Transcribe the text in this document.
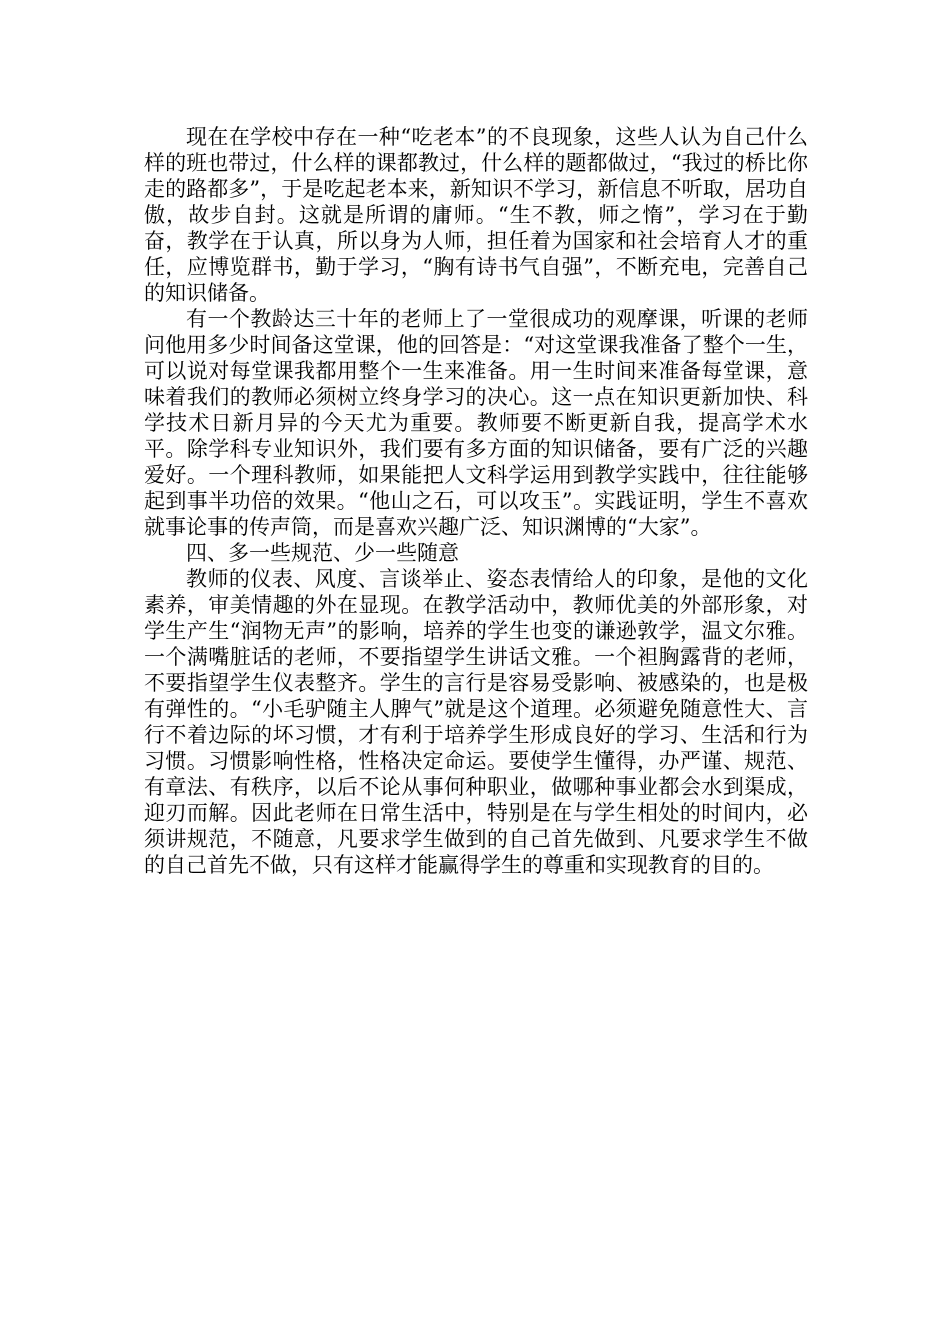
现在在学校中存在一种“吃老本”的不良现象，这些人认为自己什么样的班也带过，什么样的课都教过，什么样的题都做过，“我过的桥比你走的路都多”，于是吃起老本来，新知识不学习，新信息不听取，居功自傲，故步自封。这就是所谓的庸师。“生不教，师之惰”，学习在于勤奋，教学在于认真，所以身为人师，担任着为国家和社会培育人才的重任，应博览群书，勤于学习，“胸有诗书气自强”，不断充电，完善自己的知识储备。

有一个教龄达三十年的老师上了一堂很成功的观摩课，听课的老师问他用多少时间备这堂课，他的回答是：“对这堂课我准备了整个一生，可以说对每堂课我都用整个一生来准备。用一生时间来准备每堂课，意味着我们的教师必须树立终身学习的决心。这一点在知识更新加快、科学技术日新月异的今天尤为重要。教师要不断更新自我，提高学术水平。除学科专业知识外，我们要有多方面的知识储备，要有广泛的兴趣爱好。一个理科教师，如果能把人文科学运用到教学实践中，往往能够起到事半功倍的效果。“他山之石，可以攻玉”。实践证明，学生不喜欢就事论事的传声筒，而是喜欢兴趣广泛、知识渊博的“大家”。

四、多一些规范、少一些随意

教师的仪表、风度、言谈举止、姿态表情给人的印象，是他的文化素养，审美情趣的外在显现。在教学活动中，教师优美的外部形象，对学生产生“润物无声”的影响，培养的学生也变的谦逊敦学，温文尔雅。一个满嘴脏话的老师，不要指望学生讲话文雅。一个袒胸露背的老师，不要指望学生仪表整齐。学生的言行是容易受影响、被感染的，也是极有弹性的。“小毛驴随主人脾气”就是这个道理。必须避免随意性大、言行不着边际的坏习惯，才有利于培养学生形成良好的学习、生活和行为习惯。习惯影响性格，性格决定命运。要使学生懂得，办严谨、规范、有章法、有秩序，以后不论从事何种职业，做哪种事业都会水到渠成，迎刃而解。因此老师在日常生活中，特别是在与学生相处的时间内，必须讲规范，不随意，凡要求学生做到的自己首先做到、凡要求学生不做的自己首先不做，只有这样才能赢得学生的尊重和实现教育的目的。
